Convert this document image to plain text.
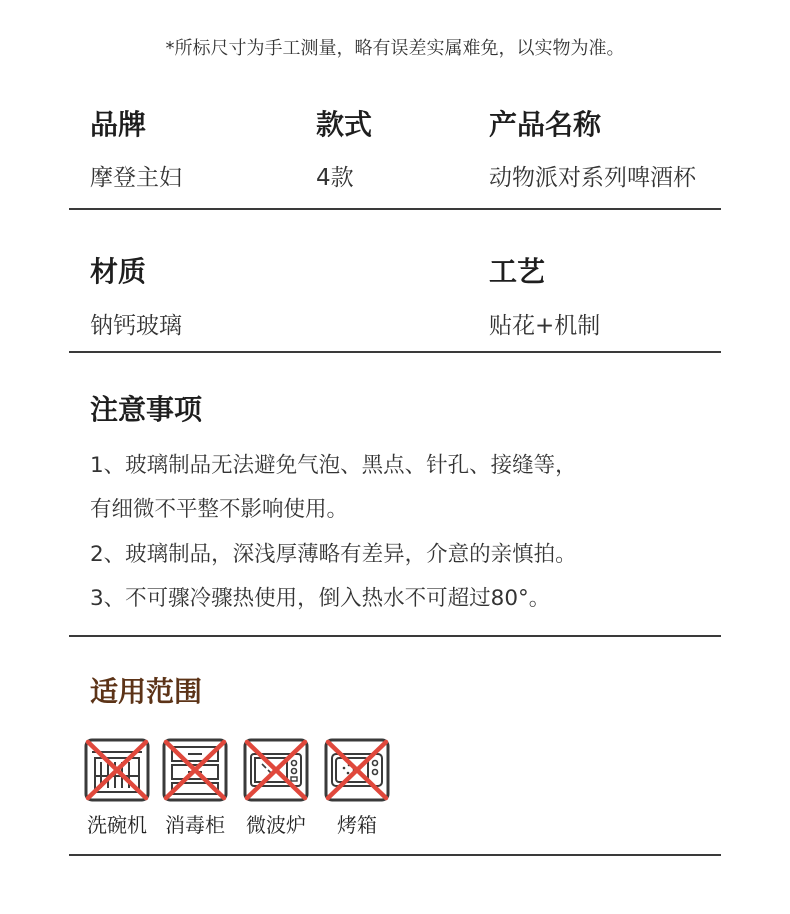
*所标尺寸为手工测量，略有误差实属难免，以实物为准。
品牌
摩登主妇
款式
4款
产品名称
动物派对系列啤酒杯
材质
钠钙玻璃
工艺
贴花+机制
注意事项
1、玻璃制品无法避免气泡、黑点、针孔、接缝等，
有细微不平整不影响使用。
2、玻璃制品，深浅厚薄略有差异，介意的亲慎拍。
3、不可骤冷骤热使用，倒入热水不可超过80°。
适用范围
洗碗机 消毒柜	微波炉	烤箱
